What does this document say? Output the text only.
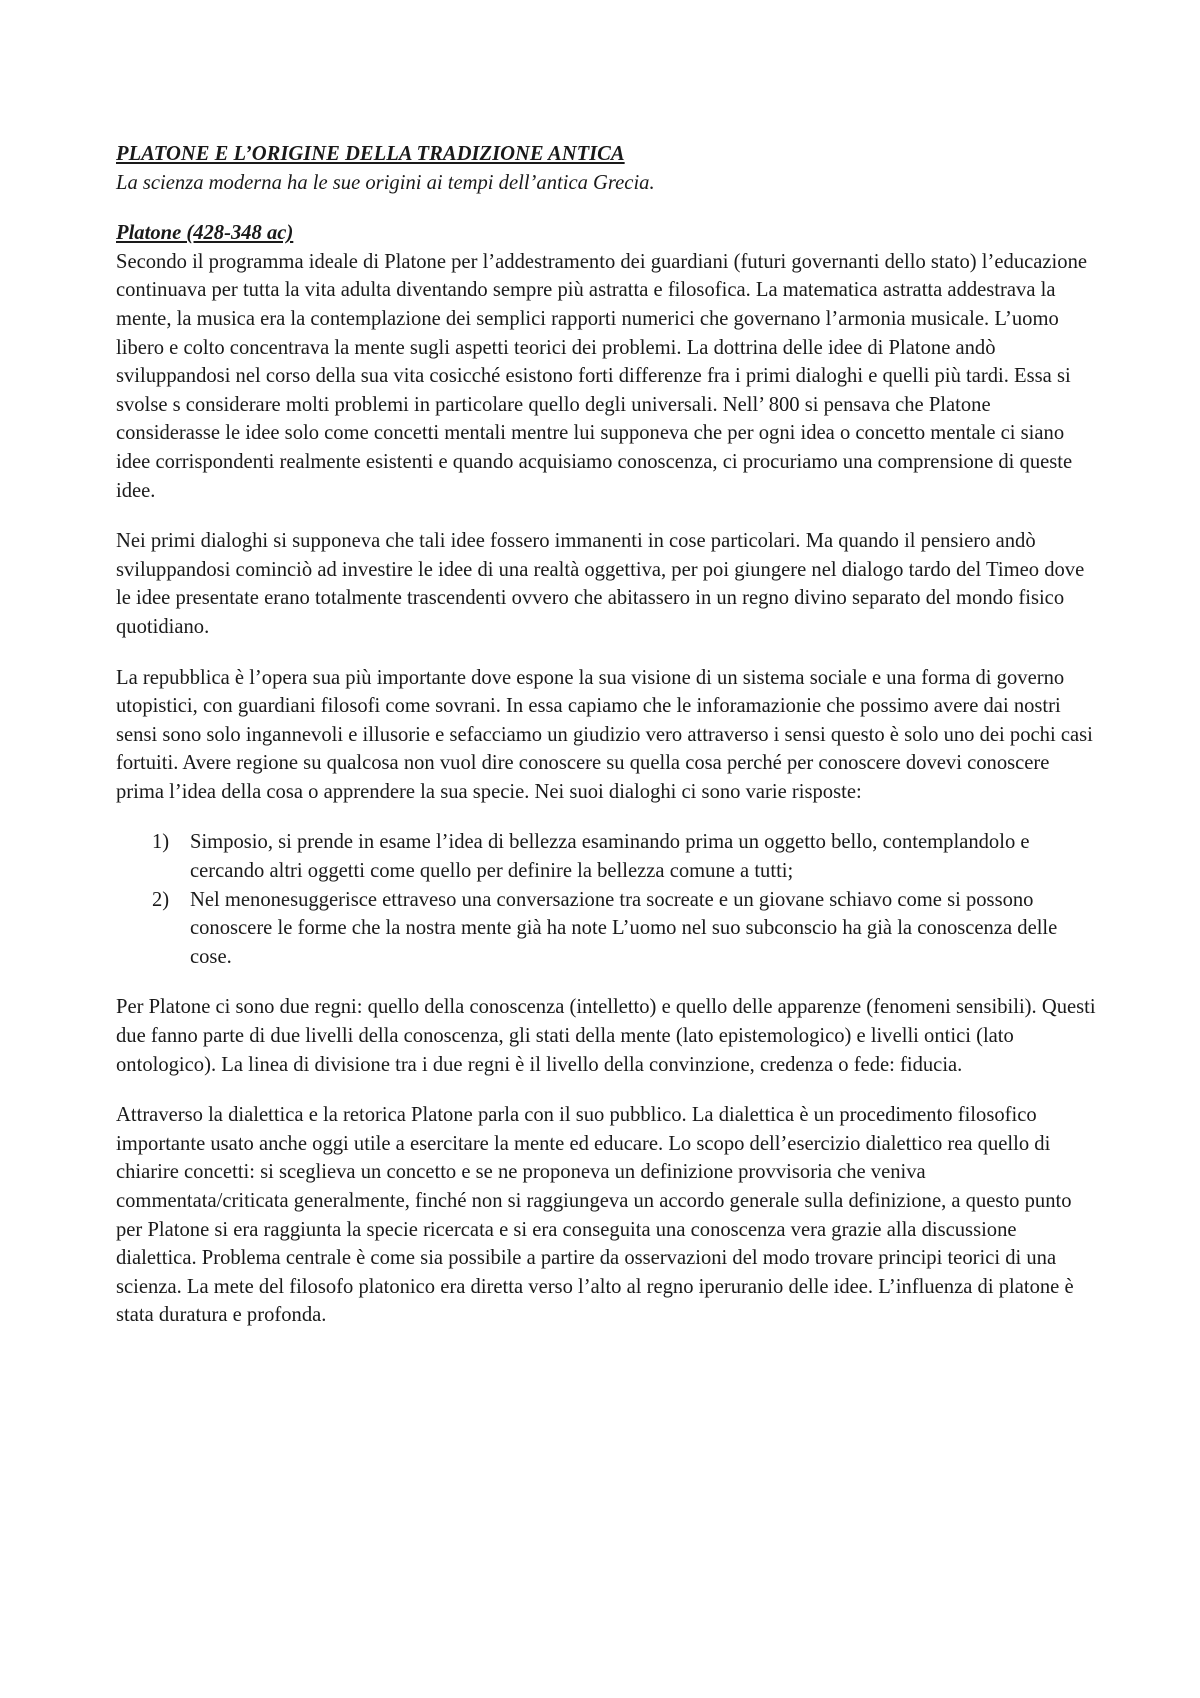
PLATONE E L’ORIGINE DELLA TRADIZIONE ANTICA

La scienza moderna ha le sue origini ai tempi dell’antica Grecia.

Platone (428-348 ac)

Secondo il programma ideale di Platone per l’addestramento dei guardiani (futuri governanti dello stato) l’educazione continuava per tutta la vita adulta diventando sempre più astratta e filosofica. La matematica astratta addestrava la mente, la musica era la contemplazione dei semplici rapporti numerici che governano l’armonia musicale. L’uomo libero e colto concentrava la mente sugli aspetti teorici dei problemi. La dottrina delle idee di Platone andò sviluppandosi nel corso della sua vita cosicché esistono forti differenze fra i primi dialoghi e quelli più tardi. Essa si svolse s considerare molti problemi in particolare quello degli universali. Nell’ 800 si pensava che Platone considerasse le idee solo come concetti mentali mentre lui supponeva che per ogni idea o concetto mentale ci siano idee corrispondenti realmente esistenti e quando acquisiamo conoscenza, ci procuriamo una comprensione di queste idee.

Nei primi dialoghi si supponeva che tali idee fossero immanenti in cose particolari. Ma quando il pensiero andò sviluppandosi cominciò ad investire le idee di una realtà oggettiva, per poi giungere nel dialogo tardo del Timeo dove le idee presentate erano totalmente trascendenti ovvero che abitassero in un regno divino separato del mondo fisico quotidiano.

La repubblica è l’opera sua più importante dove espone la sua visione di un sistema sociale e una forma di governo utopistici, con guardiani filosofi come sovrani. In essa capiamo che le inforamazionie che possimo avere dai nostri sensi sono solo ingannevoli e illusorie e sefacciamo un giudizio vero attraverso i sensi questo è solo uno dei pochi casi fortuiti. Avere regione su qualcosa non vuol dire conoscere su quella cosa perché per conoscere dovevi conoscere prima l’idea della cosa o apprendere la sua specie. Nei suoi dialoghi ci sono varie risposte:

1) Simposio, si prende in esame l’idea di bellezza esaminando prima un oggetto bello, contemplandolo e cercando altri oggetti come quello per definire la bellezza comune a tutti;
2) Nel menonesuggerisce ettraveso una conversazione tra socreate e un giovane schiavo come si possono conoscere le forme che la nostra mente già ha note L’uomo nel suo subconscio ha già la conoscenza delle cose.

Per Platone ci sono due regni: quello della conoscenza (intelletto) e quello delle apparenze (fenomeni sensibili). Questi due fanno parte di due livelli della conoscenza, gli stati della mente (lato epistemologico) e livelli ontici (lato ontologico). La linea di divisione tra i due regni è il livello della convinzione, credenza o fede: fiducia.

Attraverso la dialettica e la retorica Platone parla con il suo pubblico. La dialettica è un procedimento filosofico importante usato anche oggi utile a esercitare la mente ed educare. Lo scopo dell’esercizio dialettico rea quello di chiarire concetti: si sceglieva un concetto e se ne proponeva un definizione provvisoria che veniva commentata/criticata generalmente, finché non si raggiungeva un accordo generale sulla definizione, a questo punto per Platone si era raggiunta la specie ricercata e si era conseguita una conoscenza vera grazie alla discussione dialettica. Problema centrale è come sia possibile a partire da osservazioni del modo trovare principi teorici di una scienza. La mete del filosofo platonico era diretta verso l’alto al regno iperuranio delle idee. L’influenza di platone è stata duratura e profonda.
